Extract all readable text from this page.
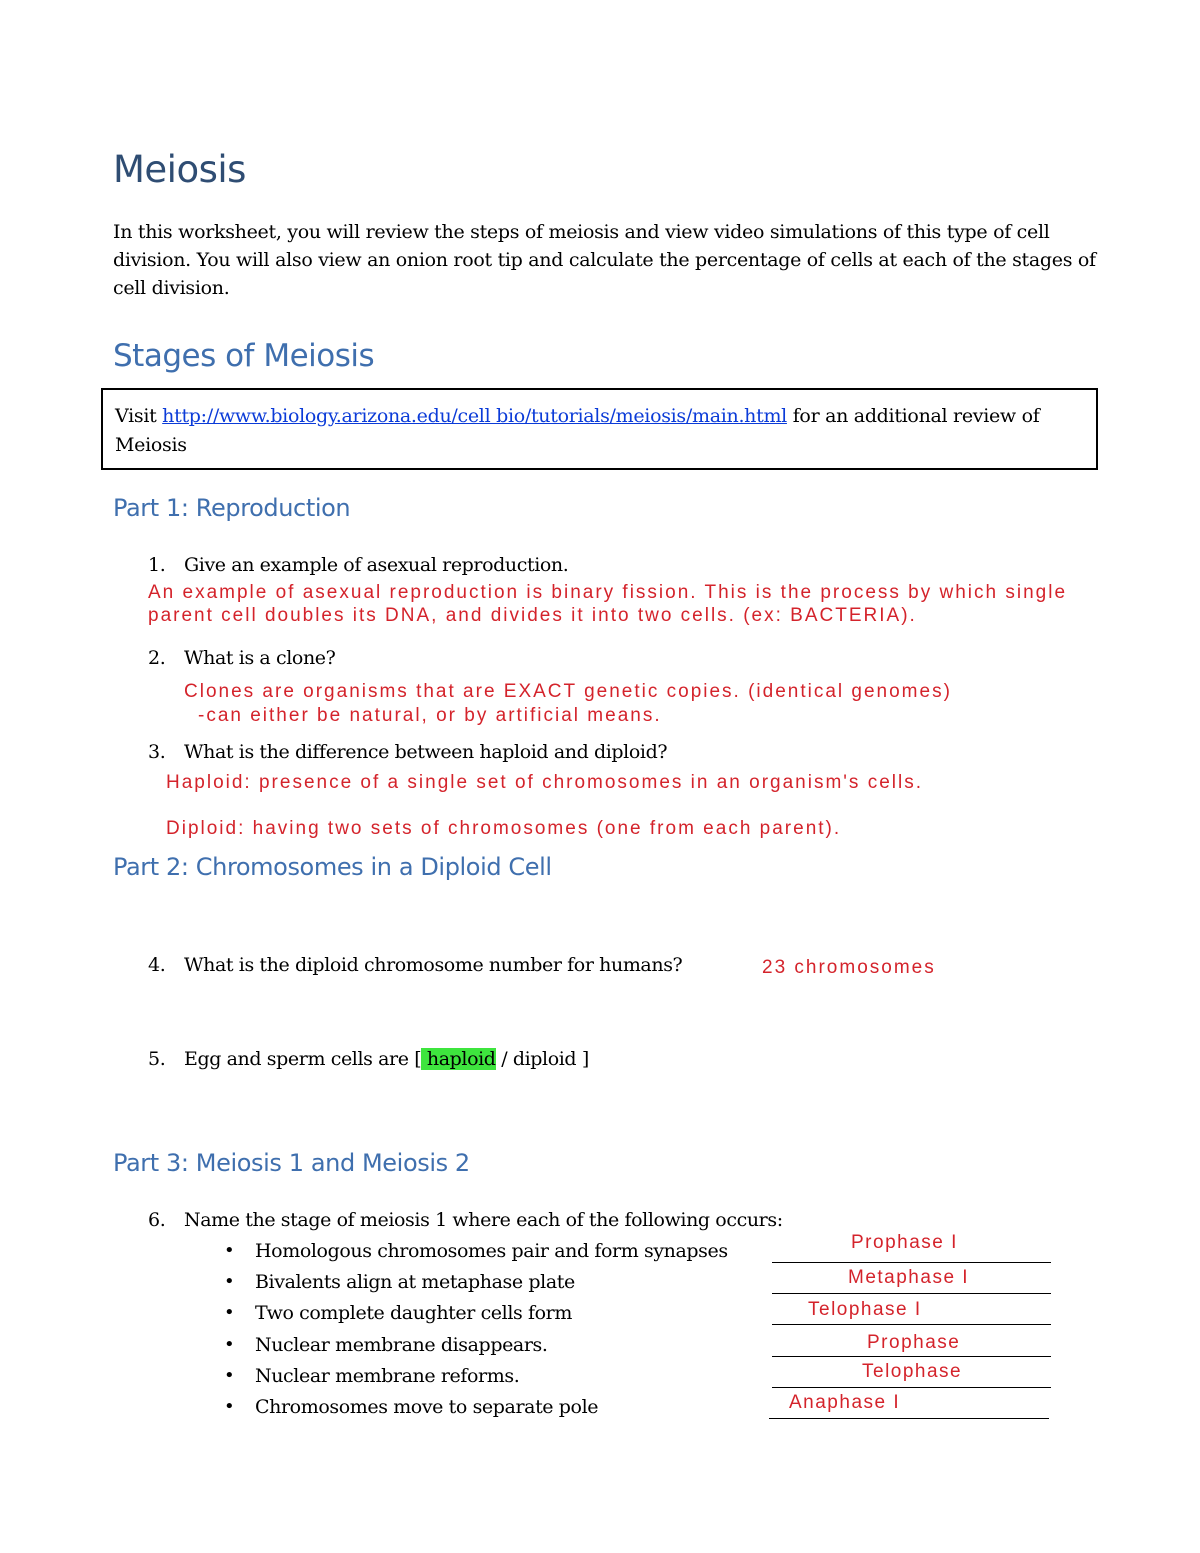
Meiosis
In this worksheet, you will review the steps of meiosis and view video simulations of this type of cell division. You will also view an onion root tip and calculate the percentage of cells at each of the stages of cell division.
Stages of Meiosis
Visit http://www.biology.arizona.edu/cell bio/tutorials/meiosis/main.html for an additional review of Meiosis
Part 1: Reproduction
1. Give an example of asexual reproduction.
An example of asexual reproduction is binary fission. This is the process by which single
parent cell doubles its DNA, and divides it into two cells. (ex: BACTERIA).
2. What is a clone?
Clones are organisms that are EXACT genetic copies. (identical genomes)
-can either be natural, or by artificial means.
3. What is the difference between haploid and diploid?
Haploid: presence of a single set of chromosomes in an organism's cells.
Diploid: having two sets of chromosomes (one from each parent).
Part 2: Chromosomes in a Diploid Cell
4. What is the diploid chromosome number for humans?	23 chromosomes
5. Egg and sperm cells are [ haploid / diploid ]
Part 3: Meiosis 1 and Meiosis 2
6. Name the stage of meiosis 1 where each of the following occurs:
• Homologous chromosomes pair and form synapses	Prophase I
• Bivalents align at metaphase plate	Metaphase I
• Two complete daughter cells form	Telophase I
• Nuclear membrane disappears.	Prophase
• Nuclear membrane reforms.	Telophase
• Chromosomes move to separate pole	Anaphase I
